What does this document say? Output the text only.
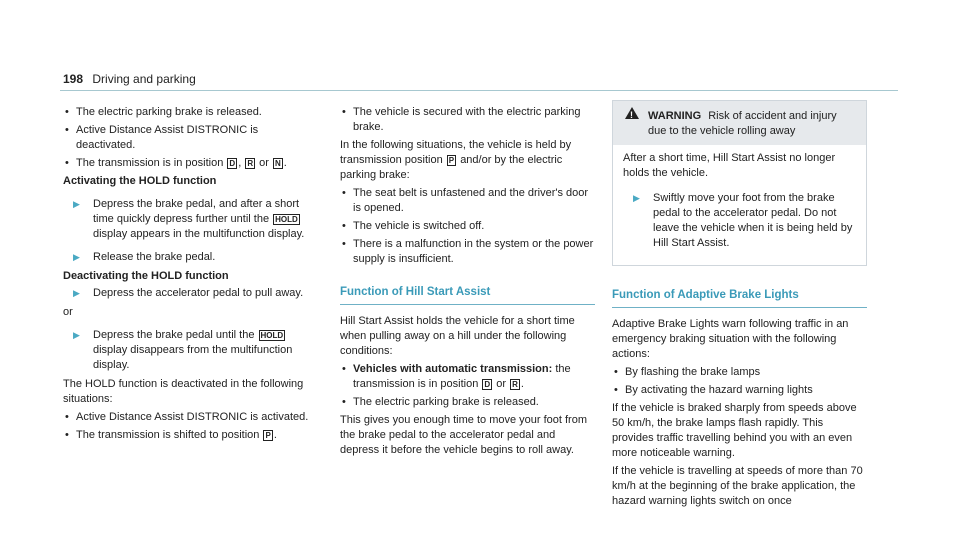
198 Driving and parking

• The electric parking brake is released.

• Active Distance Assist DISTRONIC is deactivated.

• The transmission is in position D , R or N .

Activating the HOLD function

▶ Depress the brake pedal, and after a short time quickly depress further until the HOLD display appears in the multifunction display.

▶ Release the brake pedal.

Deactivating the HOLD function

▶ Depress the accelerator pedal to pull away.

or

▶ Depress the brake pedal until the HOLD display disappears from the multifunction display.

The HOLD function is deactivated in the following situations:

• Active Distance Assist DISTRONIC is activated.

• The transmission is shifted to position P .

• The vehicle is secured with the electric parking brake.

In the following situations, the vehicle is held by transmission position P and/or by the electric parking brake:

• The seat belt is unfastened and the driver's door is opened.

• The vehicle is switched off.

• There is a malfunction in the system or the power supply is insufficient.

Function of Hill Start Assist

Hill Start Assist holds the vehicle for a short time when pulling away on a hill under the following conditions:

• Vehicles with automatic transmission: the transmission is in position D or R .

• The electric parking brake is released.

This gives you enough time to move your foot from the brake pedal to the accelerator pedal and depress it before the vehicle begins to roll away.

!
WARNING Risk of accident and injury due to the vehicle rolling away

After a short time, Hill Start Assist no longer holds the vehicle.

▶ Swiftly move your foot from the brake pedal to the accelerator pedal. Do not leave the vehicle when it is being held by Hill Start Assist.

Function of Adaptive Brake Lights

Adaptive Brake Lights warn following traffic in an emergency braking situation with the following actions:

• By flashing the brake lamps

• By activating the hazard warning lights

If the vehicle is braked sharply from speeds above 50 km/h, the brake lamps flash rapidly. This provides traffic travelling behind you with an even more noticeable warning.

If the vehicle is travelling at speeds of more than 70 km/h at the beginning of the brake application, the hazard warning lights switch on once
